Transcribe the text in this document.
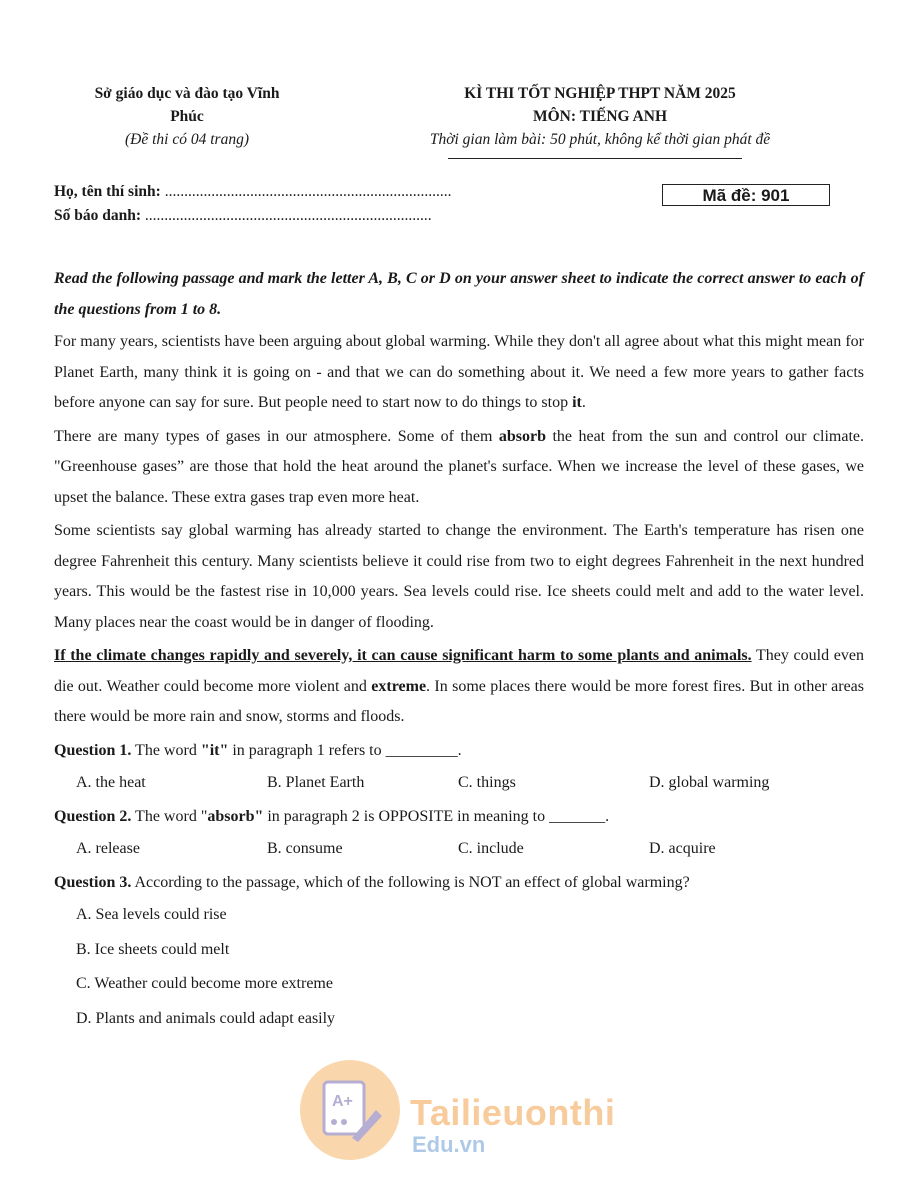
Sở giáo dục và đào tạo Vĩnh
Phúc
(Đề thi có 04 trang)
KÌ THI TỐT NGHIỆP THPT NĂM 2025
MÔN: TIẾNG ANH
Thời gian làm bài: 50 phút, không kể thời gian phát đề
Họ, tên thí sinh: ..........................................................................
Số báo danh: ..........................................................................
Mã đề: 901

Read the following passage and mark the letter A, B, C or D on your answer sheet to indicate the correct answer to each of the questions from 1 to 8.

For many years, scientists have been arguing about global warming. While they don't all agree about what this might mean for Planet Earth, many think it is going on - and that we can do something about it. We need a few more years to gather facts before anyone can say for sure. But people need to start now to do things to stop it.

There are many types of gases in our atmosphere. Some of them absorb the heat from the sun and control our climate. "Greenhouse gases” are those that hold the heat around the planet's surface. When we increase the level of these gases, we upset the balance. These extra gases trap even more heat.

Some scientists say global warming has already started to change the environment. The Earth's temperature has risen one degree Fahrenheit this century. Many scientists believe it could rise from two to eight degrees Fahrenheit in the next hundred years. This would be the fastest rise in 10,000 years. Sea levels could rise. Ice sheets could melt and add to the water level. Many places near the coast would be in danger of flooding.

If the climate changes rapidly and severely, it can cause significant harm to some plants and animals. They could even die out. Weather could become more violent and extreme. In some places there would be more forest fires. But in other areas there would be more rain and snow, storms and floods.

Question 1. The word "it" in paragraph 1 refers to _________.

A. the heat	B. Planet Earth	C. things	D. global warming

Question 2. The word "absorb" in paragraph 2 is OPPOSITE in meaning to _______.

A. release	B. consume	C. include	D. acquire

Question 3. According to the passage, which of the following is NOT an effect of global warming?

A. Sea levels could rise
B. Ice sheets could melt
C. Weather could become more extreme
D. Plants and animals could adapt easily
A+ Tailieuonthi
Edu.vn
